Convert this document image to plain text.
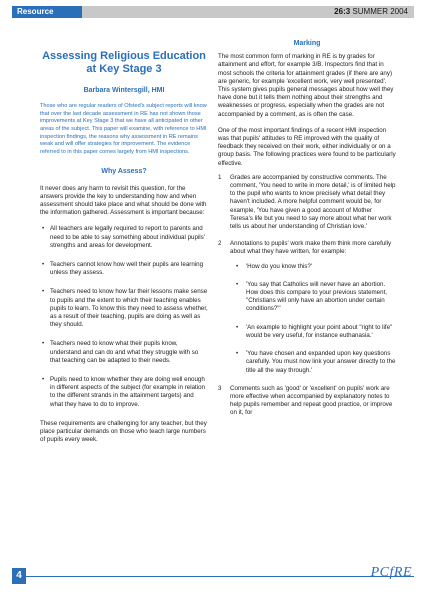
Resource	26:3 SUMMER 2004
Assessing Religious Education at Key Stage 3
Barbara Wintersgill, HMI
Those who are regular readers of Ofsted's subject reports will know that over the last decade assessment in RE has not shown those improvements at Key Stage 3 that we have all anticipated in other areas of the subject. This paper will examine, with reference to HMI inspection findings, the reasons why assessment in RE remains weak and will offer strategies for improvement. The evidence referred to in this paper comes largely from HMI inspections.
Why Assess?

It never does any harm to revisit this question, for the answers provide the key to understanding how and when assessment should take place and what should be done with the information gathered. Assessment is important because:

• All teachers are legally required to report to parents and need to be able to say something about individual pupils' strengths and areas for development.
• Teachers cannot know how well their pupils are learning unless they assess.
• Teachers need to know how far their lessons make sense to pupils and the extent to which their teaching enables pupils to learn. To know this they need to assess whether, as a result of their teaching, pupils are doing as well as they should.
• Teachers need to know what their pupils know, understand and can do and what they struggle with so that teaching can be adapted to their needs.
• Pupils need to know whether they are doing well enough in different aspects of the subject (for example in relation to the different strands in the attainment targets) and what they have to do to improve.

These requirements are challenging for any teacher, but they place particular demands on those who teach large numbers of pupils every week.

Marking

The most common form of marking in RE is by grades for attainment and effort, for example 3/B. Inspectors find that in most schools the criteria for attainment grades (if there are any) are generic, for example 'excellent work, very well presented'. This system gives pupils general messages about how well they have done but it tells them nothing about their strengths and weaknesses or progress, especially when the grades are not accompanied by a comment, as is often the case.

One of the most important findings of a recent HMI inspection was that pupils' attitudes to RE improved with the quality of feedback they received on their work, either individually or on a group basis. The following practices were found to be particularly effective.

1 Grades are accompanied by constructive comments. The comment, 'You need to write in more detail,' is of limited help to the pupil who wants to know precisely what detail they haven't included. A more helpful comment would be, for example, 'You have given a good account of Mother Teresa's life but you need to say more about what her work tells us about her understanding of Christian love.'
2 Annotations to pupils' work make them think more carefully about what they have written, for example:
• 'How do you know this?'
• 'You say that Catholics will never have an abortion. How does this compare to your previous statement, "Christians will only have an abortion under certain conditions?"'
• 'An example to highlight your point about "right to life" would be very useful, for instance euthanasia.'
• 'You have chosen and expanded upon key questions carefully. You must now link your answer directly to the title all the way through.'
3 Comments such as 'good' or 'excellent' on pupils' work are more effective when accompanied by explanatory notes to help pupils remember and repeat good practice, or improve on it, for
4	PCfRE
